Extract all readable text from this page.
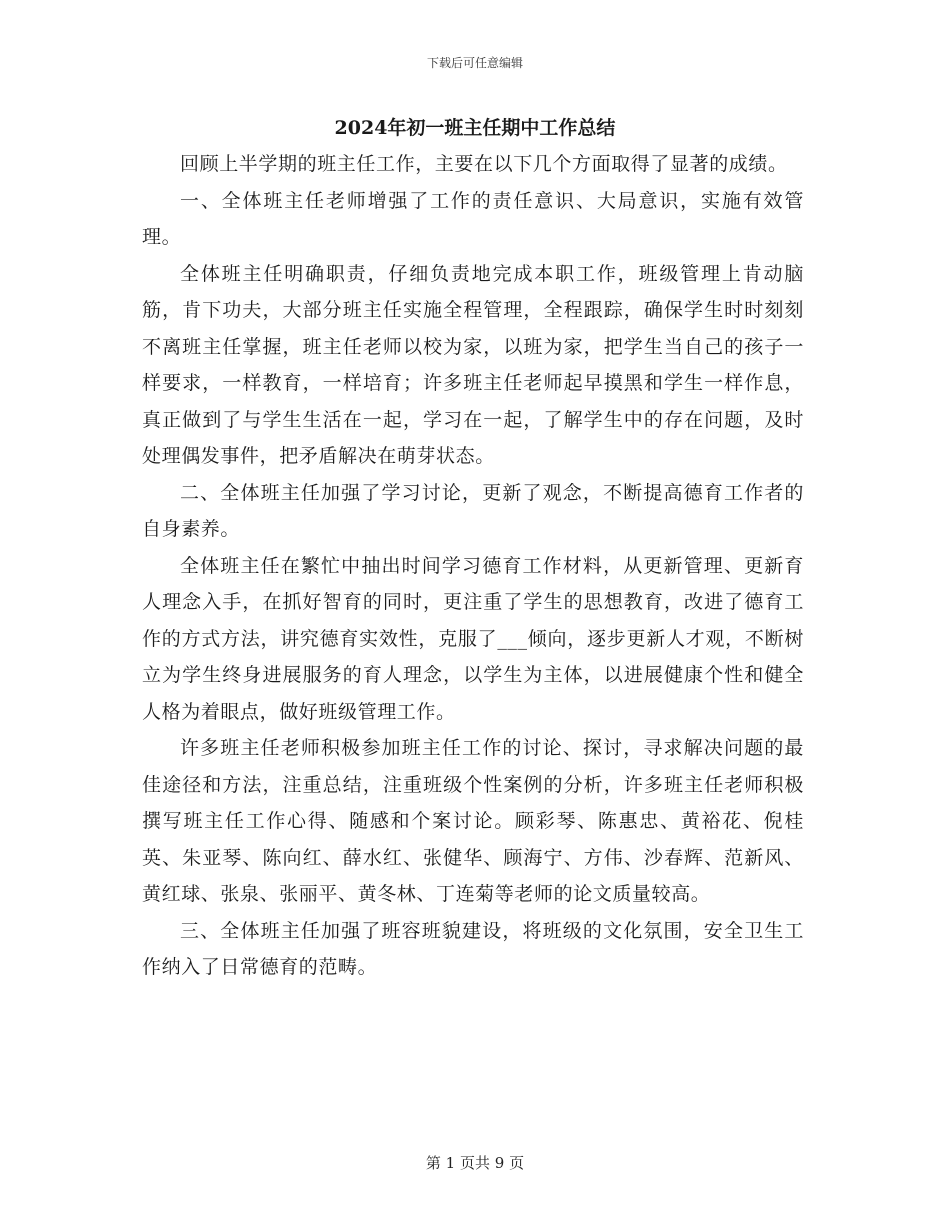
下载后可任意编辑
2024年初一班主任期中工作总结

回顾上半学期的班主任工作，主要在以下几个方面取得了显著的成绩。

一、全体班主任老师增强了工作的责任意识、大局意识，实施有效管理。

全体班主任明确职责，仔细负责地完成本职工作，班级管理上肯动脑筋，肯下功夫，大部分班主任实施全程管理，全程跟踪，确保学生时时刻刻不离班主任掌握，班主任老师以校为家，以班为家，把学生当自己的孩子一样要求，一样教育，一样培育；许多班主任老师起早摸黑和学生一样作息，真正做到了与学生生活在一起，学习在一起，了解学生中的存在问题，及时处理偶发事件，把矛盾解决在萌芽状态。

二、全体班主任加强了学习讨论，更新了观念，不断提高德育工作者的自身素养。

全体班主任在繁忙中抽出时间学习德育工作材料，从更新管理、更新育人理念入手，在抓好智育的同时，更注重了学生的思想教育，改进了德育工作的方式方法，讲究德育实效性，克服了___倾向，逐步更新人才观，不断树立为学生终身进展服务的育人理念，以学生为主体，以进展健康个性和健全人格为着眼点，做好班级管理工作。

许多班主任老师积极参加班主任工作的讨论、探讨，寻求解决问题的最佳途径和方法，注重总结，注重班级个性案例的分析，许多班主任老师积极撰写班主任工作心得、随感和个案讨论。顾彩琴、陈惠忠、黄裕花、倪桂英、朱亚琴、陈向红、薛水红、张健华、顾海宁、方伟、沙春辉、范新风、黄红球、张泉、张丽平、黄冬林、丁连菊等老师的论文质量较高。

三、全体班主任加强了班容班貌建设，将班级的文化氛围，安全卫生工作纳入了日常德育的范畴。

第 1 页共 9 页
